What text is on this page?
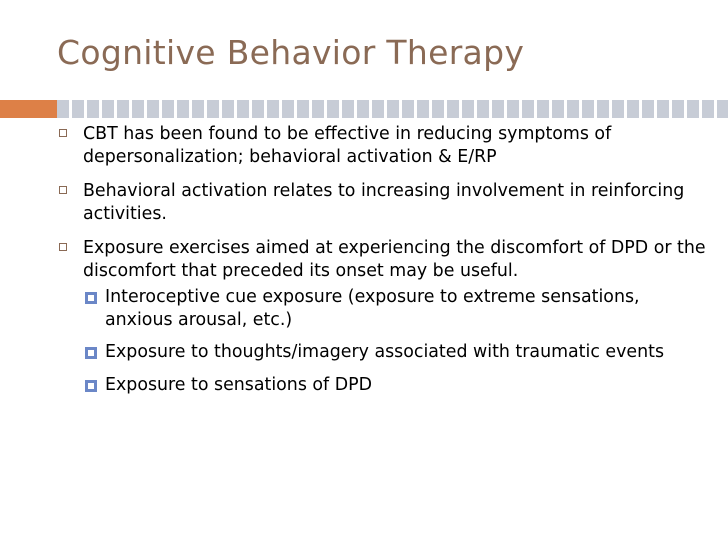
Cognitive Behavior Therapy
CBT has been found to be effective in reducing symptoms of depersonalization; behavioral activation & E/RP
Behavioral activation relates to increasing involvement in reinforcing activities.
Exposure exercises aimed at experiencing the discomfort of DPD or the discomfort that preceded its onset may be useful.
Interoceptive cue exposure (exposure to extreme sensations, anxious arousal, etc.)
Exposure to thoughts/imagery associated with traumatic events
Exposure to sensations of DPD
